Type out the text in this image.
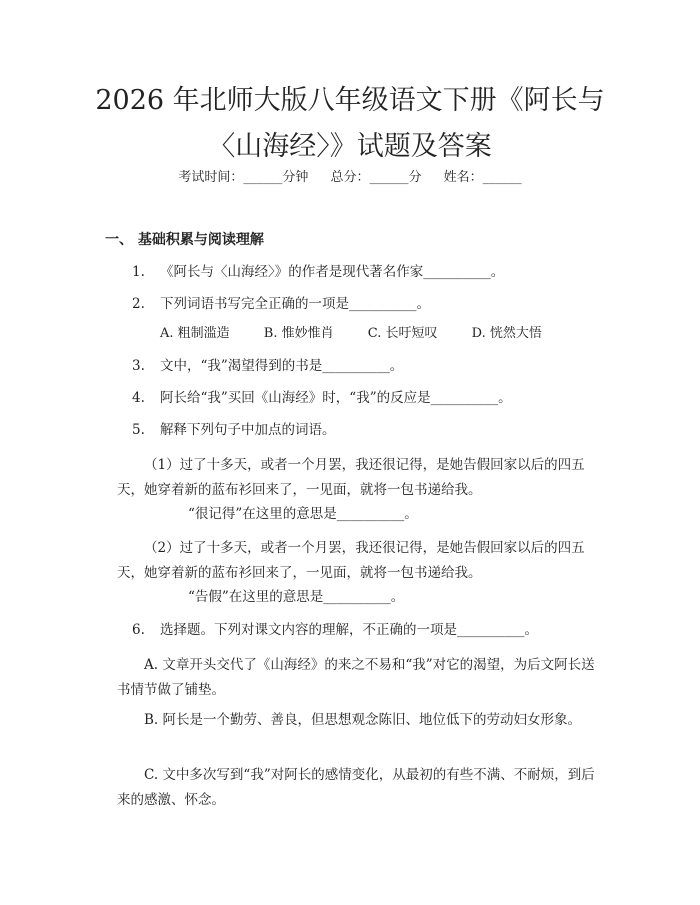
2026 年北师大版八年级语文下册《阿长与
〈山海经〉》试题及答案
考试时间：______分钟 总分：______分 姓名：______
一、 基础积累与阅读理解
1. 《阿长与〈山海经〉》的作者是现代著名作家__________。
2. 下列词语书写完全正确的一项是__________。
A. 粗制滥造	B. 惟妙惟肖	C. 长吁短叹	D. 恍然大悟
3. 文中，“我”渴望得到的书是__________。
4. 阿长给“我”买回《山海经》时，“我”的反应是__________。
5. 解释下列句子中加点的词语。

（1）过了十多天，或者一个月罢，我还很记得，是她告假回家以后的四五天，她穿着新的蓝布衫回来了，一见面，就将一包书递给我。

“很记得”在这里的意思是__________。

（2）过了十多天，或者一个月罢，我还很记得，是她告假回家以后的四五天，她穿着新的蓝布衫回来了，一见面，就将一包书递给我。

“告假”在这里的意思是__________。
6. 选择题。下列对课文内容的理解，不正确的一项是__________。

A. 文章开头交代了《山海经》的来之不易和“我”对它的渴望，为后文阿长送书情节做了铺垫。

B. 阿长是一个勤劳、善良，但思想观念陈旧、地位低下的劳动妇女形象。

C. 文中多次写到“我”对阿长的感情变化，从最初的有些不满、不耐烦，到后来的感激、怀念。
